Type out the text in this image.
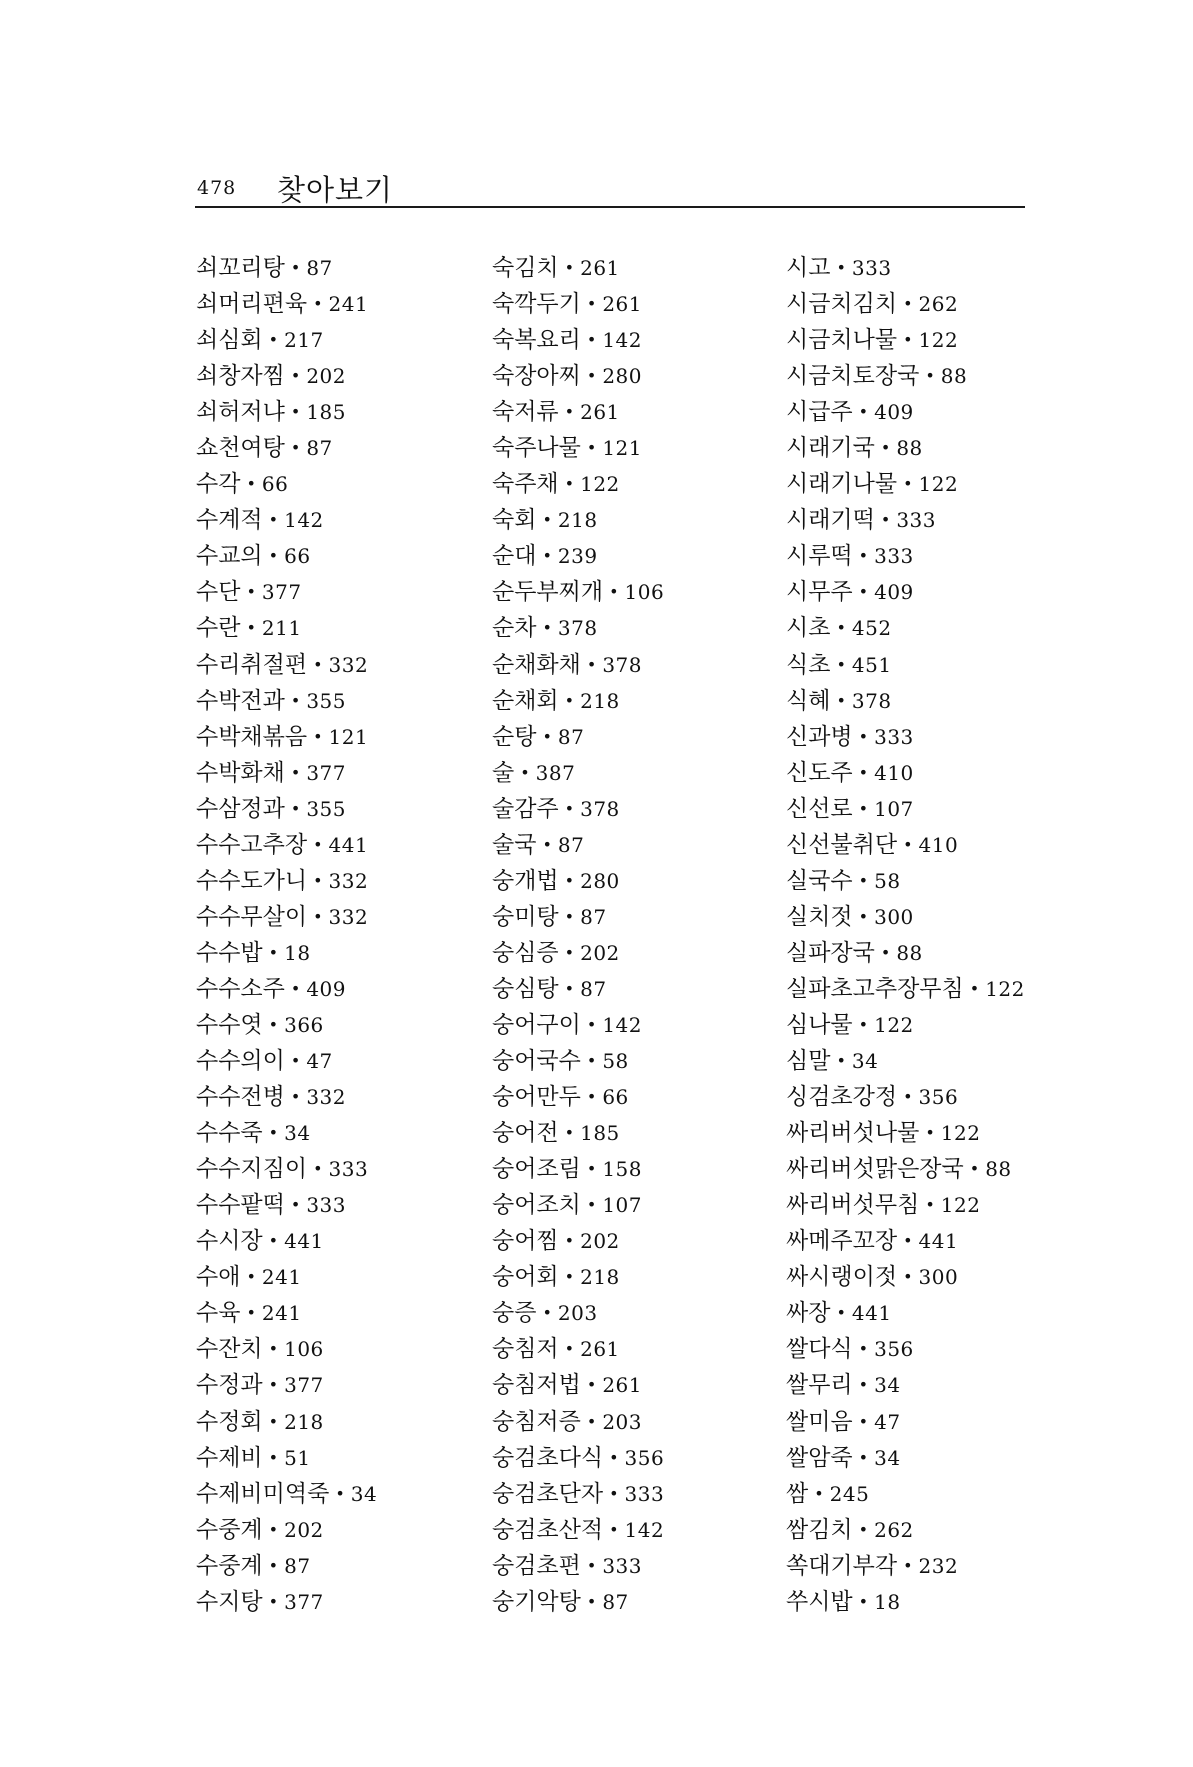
478 찾아보기
쇠꼬리탕 • 87
쇠머리편육 • 241
쇠심회 • 217
쇠창자찜 • 202
쇠허저냐 • 185
쇼천여탕 • 87
수각 • 66
수계적 • 142
수교의 • 66
수단 • 377
수란 • 211
수리취절편 • 332
수박전과 • 355
수박채볶음 • 121
수박화채 • 377
수삼정과 • 355
수수고추장 • 441
수수도가니 • 332
수수무살이 • 332
수수밥 • 18
수수소주 • 409
수수엿 • 366
수수의이 • 47
수수전병 • 332
수수죽 • 34
수수지짐이 • 333
수수팥떡 • 333
수시장 • 441
수애 • 241
수육 • 241
수잔치 • 106
수정과 • 377
수정회 • 218
수제비 • 51
수제비미역죽 • 34
수중계 • 202
수중계 • 87
수지탕 • 377
숙김치 • 261
숙깍두기 • 261
숙복요리 • 142
숙장아찌 • 280
숙저류 • 261
숙주나물 • 121
숙주채 • 122
숙회 • 218
순대 • 239
순두부찌개 • 106
순차 • 378
순채화채 • 378
순채회 • 218
순탕 • 87
술 • 387
술감주 • 378
술국 • 87
숭개법 • 280
숭미탕 • 87
숭심증 • 202
숭심탕 • 87
숭어구이 • 142
숭어국수 • 58
숭어만두 • 66
숭어전 • 185
숭어조림 • 158
숭어조치 • 107
숭어찜 • 202
숭어회 • 218
숭증 • 203
숭침저 • 261
숭침저법 • 261
숭침저증 • 203
숭검초다식 • 356
숭검초단자 • 333
숭검초산적 • 142
숭검초편 • 333
숭기악탕 • 87
시고 • 333
시금치김치 • 262
시금치나물 • 122
시금치토장국 • 88
시급주 • 409
시래기국 • 88
시래기나물 • 122
시래기떡 • 333
시루떡 • 333
시무주 • 409
시초 • 452
식초 • 451
식혜 • 378
신과병 • 333
신도주 • 410
신선로 • 107
신선불취단 • 410
실국수 • 58
실치젓 • 300
실파장국 • 88
실파초고추장무침 • 122
심나물 • 122
심말 • 34
싱검초강정 • 356
싸리버섯나물 • 122
싸리버섯맑은장국 • 88
싸리버섯무침 • 122
싸메주꼬장 • 441
싸시랭이젓 • 300
싸장 • 441
쌀다식 • 356
쌀무리 • 34
쌀미음 • 47
쌀암죽 • 34
쌈 • 245
쌈김치 • 262
쏙대기부각 • 232
쑤시밥 • 18
